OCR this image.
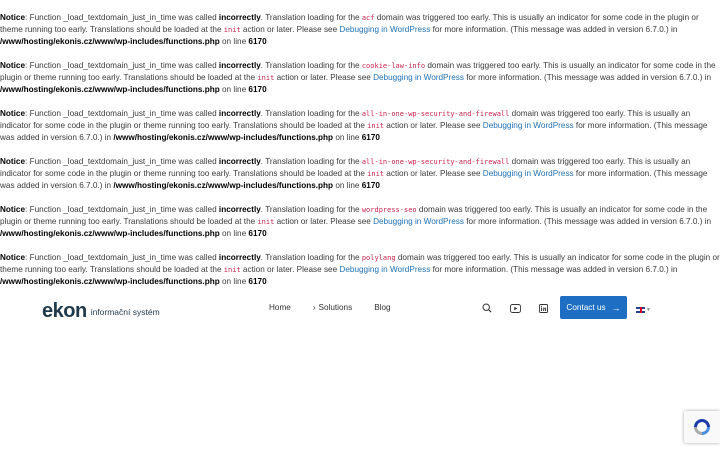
Notice: Function _load_textdomain_just_in_time was called incorrectly. Translation loading for the acf domain was triggered too early. This is usually an indicator for some code in the plugin or theme running too early. Translations should be loaded at the init action or later. Please see Debugging in WordPress for more information. (This message was added in version 6.7.0.) in /www/hosting/ekonis.cz/www/wp-includes/functions.php on line 6170
Notice: Function _load_textdomain_just_in_time was called incorrectly. Translation loading for the cookie-law-info domain was triggered too early. This is usually an indicator for some code in the plugin or theme running too early. Translations should be loaded at the init action or later. Please see Debugging in WordPress for more information. (This message was added in version 6.7.0.) in /www/hosting/ekonis.cz/www/wp-includes/functions.php on line 6170
Notice: Function _load_textdomain_just_in_time was called incorrectly. Translation loading for the all-in-one-wp-security-and-firewall domain was triggered too early. This is usually an indicator for some code in the plugin or theme running too early. Translations should be loaded at the init action or later. Please see Debugging in WordPress for more information. (This message was added in version 6.7.0.) in /www/hosting/ekonis.cz/www/wp-includes/functions.php on line 6170
Notice: Function _load_textdomain_just_in_time was called incorrectly. Translation loading for the all-in-one-wp-security-and-firewall domain was triggered too early. This is usually an indicator for some code in the plugin or theme running too early. Translations should be loaded at the init action or later. Please see Debugging in WordPress for more information. (This message was added in version 6.7.0.) in /www/hosting/ekonis.cz/www/wp-includes/functions.php on line 6170
Notice: Function _load_textdomain_just_in_time was called incorrectly. Translation loading for the wordpress-seo domain was triggered too early. This is usually an indicator for some code in the plugin or theme running too early. Translations should be loaded at the init action or later. Please see Debugging in WordPress for more information. (This message was added in version 6.7.0.) in /www/hosting/ekonis.cz/www/wp-includes/functions.php on line 6170
Notice: Function _load_textdomain_just_in_time was called incorrectly. Translation loading for the polylang domain was triggered too early. This is usually an indicator for some code in the plugin or theme running too early. Translations should be loaded at the init action or later. Please see Debugging in WordPress for more information. (This message was added in version 6.7.0.) in /www/hosting/ekonis.cz/www/wp-includes/functions.php on line 6170
ekon informační systém	Home	› Solutions	Blog	Contact us →	▼
